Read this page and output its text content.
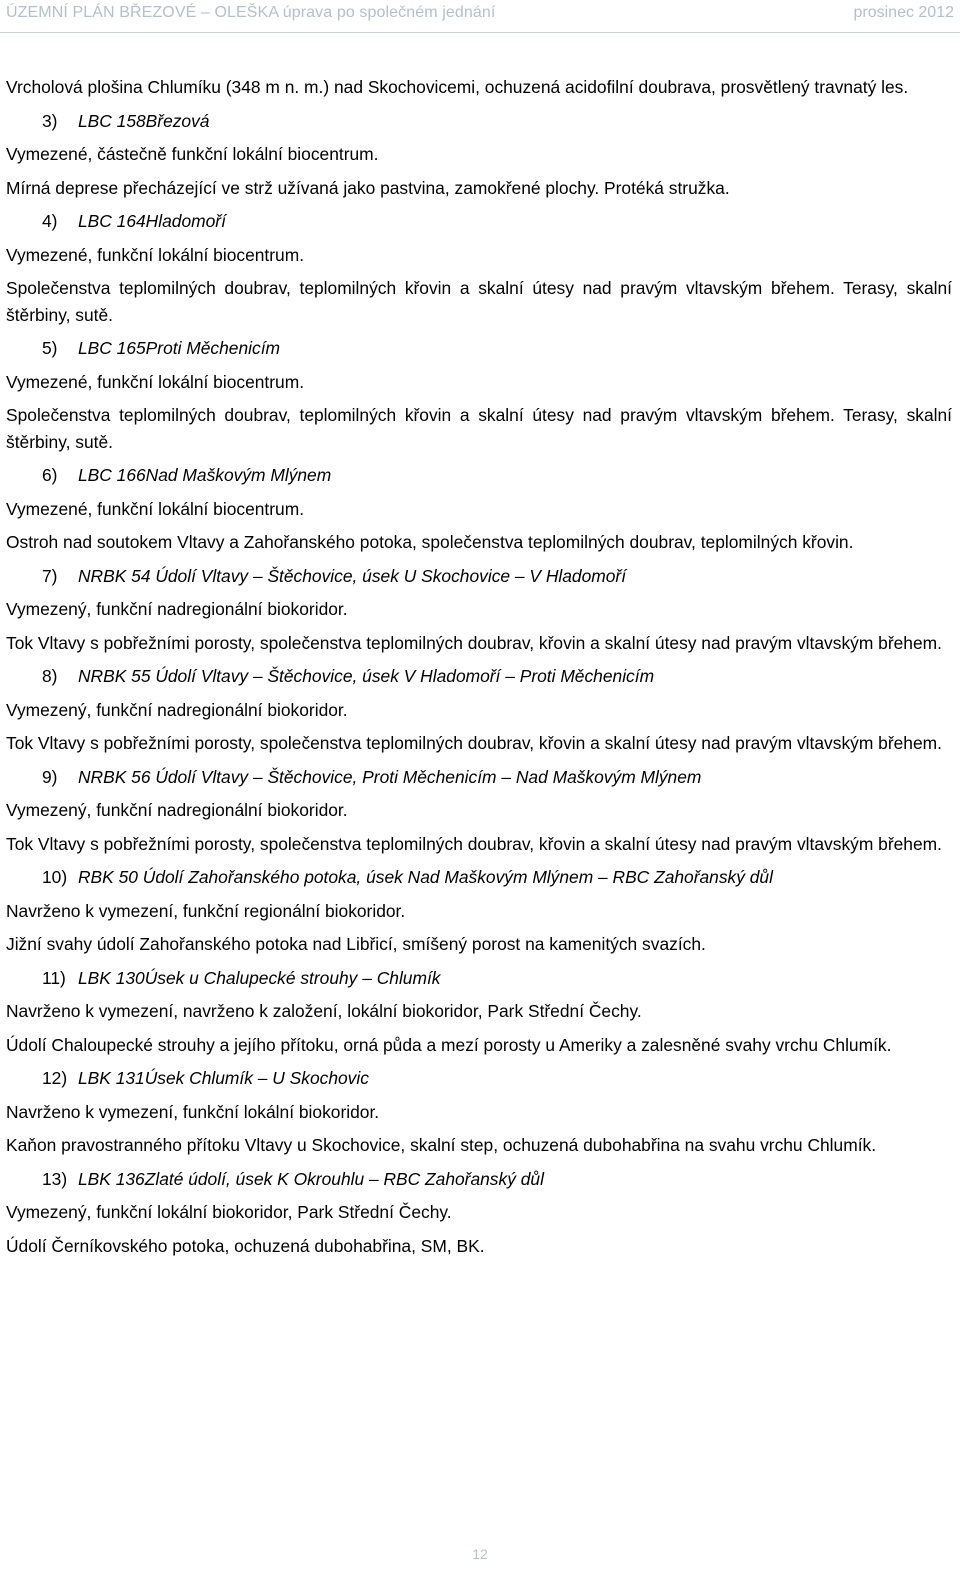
ÚZEMNÍ PLÁN BŘEZOVÉ – OLEŠKA úprava po společném jednání	prosinec 2012

Vrcholová plošina Chlumíku (348 m n. m.) nad Skochovicemi, ochuzená acidofilní doubrava, prosvětlený travnatý les.

3) LBC 158Březová

Vymezené, částečně funkční lokální biocentrum.

Mírná deprese přecházející ve strž užívaná jako pastvina, zamokřené plochy. Protéká stružka.

4) LBC 164Hladomoří

Vymezené, funkční lokální biocentrum.

Společenstva teplomilných doubrav, teplomilných křovin a skalní útesy nad pravým vltavským břehem. Terasy, skalní štěrbiny, sutě.

5) LBC 165Proti Měchenicím

Vymezené, funkční lokální biocentrum.

Společenstva teplomilných doubrav, teplomilných křovin a skalní útesy nad pravým vltavským břehem. Terasy, skalní štěrbiny, sutě.

6) LBC 166Nad Maškovým Mlýnem

Vymezené, funkční lokální biocentrum.

Ostroh nad soutokem Vltavy a Zahořanského potoka, společenstva teplomilných doubrav, teplomilných křovin.

7) NRBK 54 Údolí Vltavy – Štěchovice, úsek U Skochovice – V Hladomoří

Vymezený, funkční nadregionální biokoridor.

Tok Vltavy s pobřežními porosty, společenstva teplomilných doubrav, křovin a skalní útesy nad pravým vltavským břehem.

8) NRBK 55 Údolí Vltavy – Štěchovice, úsek V Hladomoří – Proti Měchenicím

Vymezený, funkční nadregionální biokoridor.

Tok Vltavy s pobřežními porosty, společenstva teplomilných doubrav, křovin a skalní útesy nad pravým vltavským břehem.

9) NRBK 56 Údolí Vltavy – Štěchovice, Proti Měchenicím – Nad Maškovým Mlýnem

Vymezený, funkční nadregionální biokoridor.

Tok Vltavy s pobřežními porosty, společenstva teplomilných doubrav, křovin a skalní útesy nad pravým vltavským břehem.

10) RBK 50 Údolí Zahořanského potoka, úsek Nad Maškovým Mlýnem – RBC Zahořanský důl

Navrženo k vymezení, funkční regionální biokoridor.

Jižní svahy údolí Zahořanského potoka nad Libřicí, smíšený porost na kamenitých svazích.

11) LBK 130Úsek u Chalupecké strouhy – Chlumík

Navrženo k vymezení, navrženo k založení, lokální biokoridor, Park Střední Čechy.

Údolí Chaloupecké strouhy a jejího přítoku, orná půda a mezí porosty u Ameriky a zalesněné svahy vrchu Chlumík.

12) LBK 131Úsek Chlumík – U Skochovic

Navrženo k vymezení, funkční lokální biokoridor.

Kaňon pravostranného přítoku Vltavy u Skochovice, skalní step, ochuzená dubohabřina na svahu vrchu Chlumík.

13) LBK 136Zlaté údolí, úsek K Okrouhlu – RBC Zahořanský důl

Vymezený, funkční lokální biokoridor, Park Střední Čechy.

Údolí Černíkovského potoka, ochuzená dubohabřina, SM, BK.

12
